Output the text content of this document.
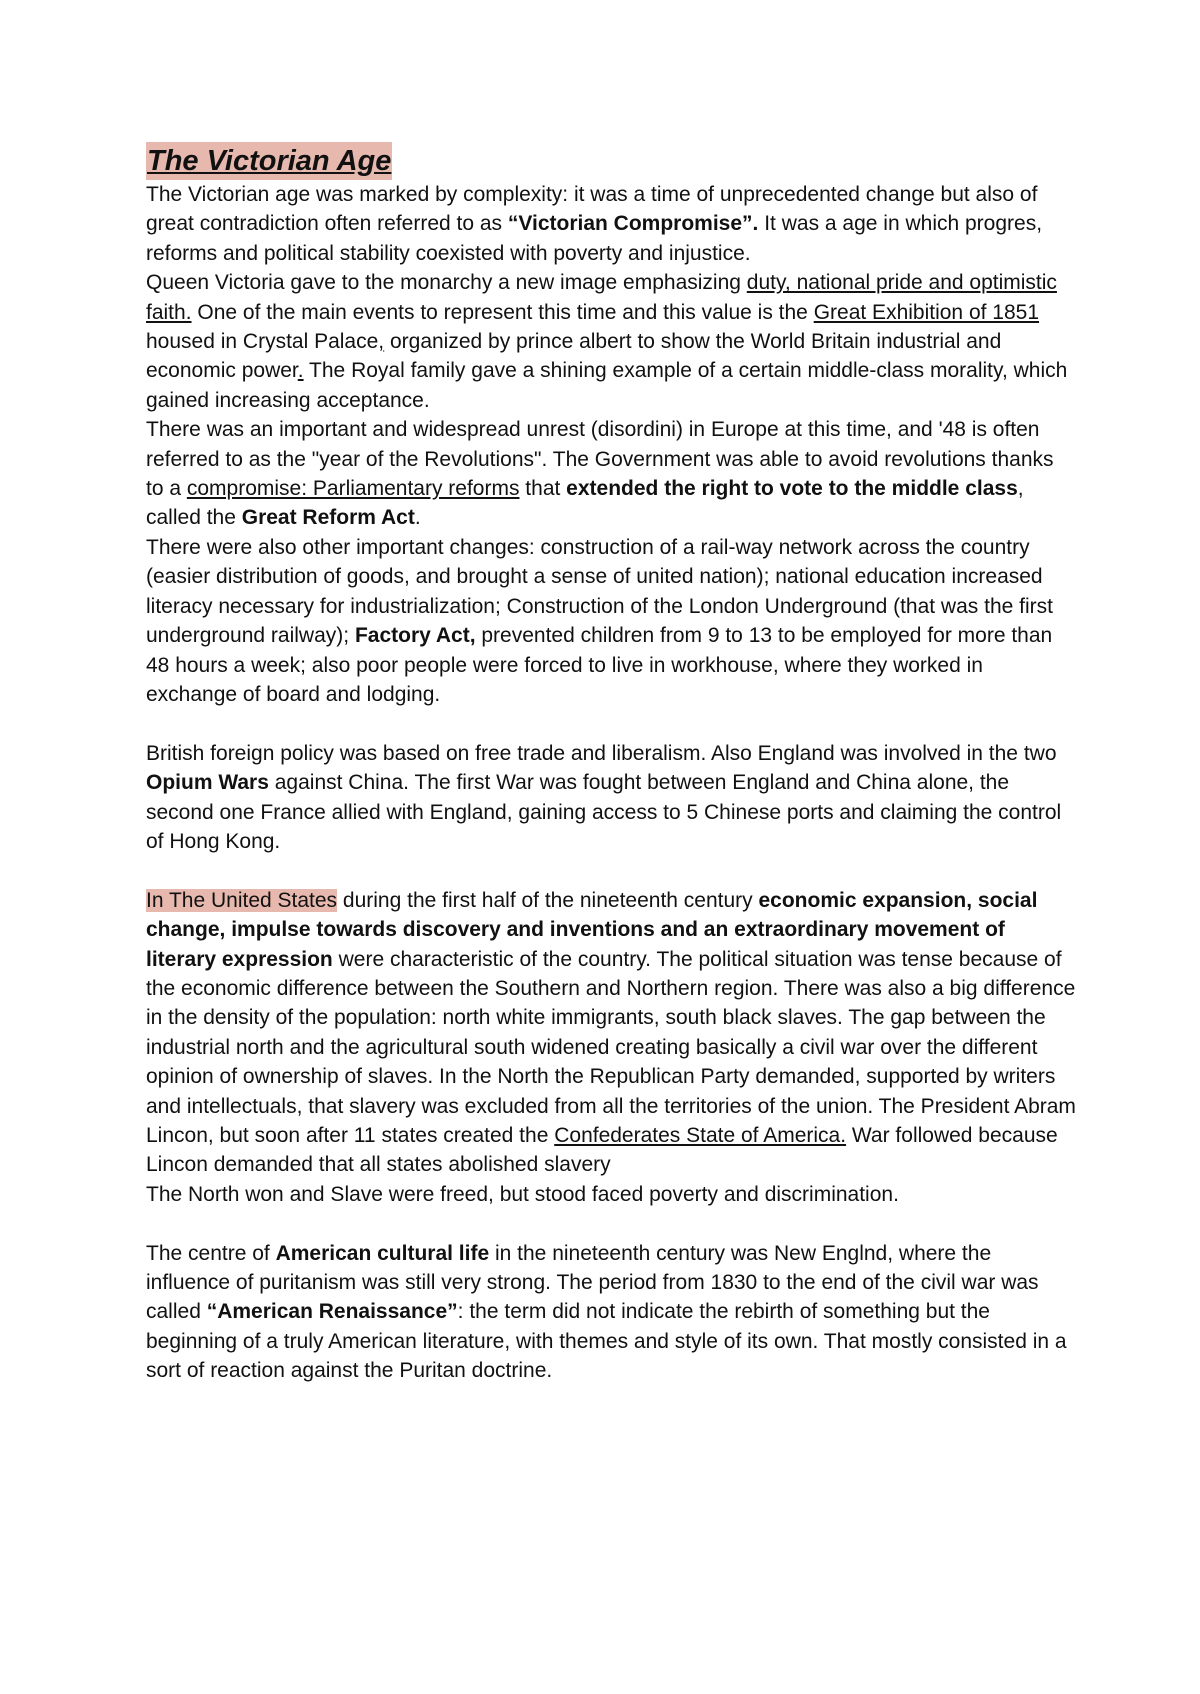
The Victorian Age

The Victorian age was marked by complexity: it was a time of unprecedented change but also of great contradiction often referred to as “Victorian Compromise”. It was a age in which progres, reforms and political stability coexisted with poverty and injustice.

Queen Victoria gave to the monarchy a new image emphasizing duty, national pride and optimistic faith. One of the main events to represent this time and this value is the Great Exhibition of 1851 housed in Crystal Palace, organized by prince albert to show the World Britain industrial and economic power. The Royal family gave a shining example of a certain middle-class morality, which gained increasing acceptance.

There was an important and widespread unrest (disordini) in Europe at this time, and '48 is often referred to as the "year of the Revolutions". The Government was able to avoid revolutions thanks to a compromise: Parliamentary reforms that extended the right to vote to the middle class, called the Great Reform Act.

There were also other important changes: construction of a rail-way network across the country (easier distribution of goods, and brought a sense of united nation); national education increased literacy necessary for industrialization; Construction of the London Underground (that was the first underground railway); Factory Act, prevented children from 9 to 13 to be employed for more than 48 hours a week; also poor people were forced to live in workhouse, where they worked in exchange of board and lodging.

British foreign policy was based on free trade and liberalism. Also England was involved in the two Opium Wars against China. The first War was fought between England and China alone, the second one France allied with England, gaining access to 5 Chinese ports and claiming the control of Hong Kong.

In The United States during the first half of the nineteenth century economic expansion, social change, impulse towards discovery and inventions and an extraordinary movement of literary expression were characteristic of the country. The political situation was tense because of the economic difference between the Southern and Northern region. There was also a big difference in the density of the population: north white immigrants, south black slaves. The gap between the industrial north and the agricultural south widened creating basically a civil war over the different opinion of ownership of slaves. In the North the Republican Party demanded, supported by writers and intellectuals, that slavery was excluded from all the territories of the union. The President Abram Lincon, but soon after 11 states created the Confederates State of America. War followed because Lincon demanded that all states abolished slavery

The North won and Slave were freed, but stood faced poverty and discrimination.

The centre of American cultural life in the nineteenth century was New Englnd, where the influence of puritanism was still very strong. The period from 1830 to the end of the civil war was called “American Renaissance”: the term did not indicate the rebirth of something but the beginning of a truly American literature, with themes and style of its own. That mostly consisted in a sort of reaction against the Puritan doctrine.
